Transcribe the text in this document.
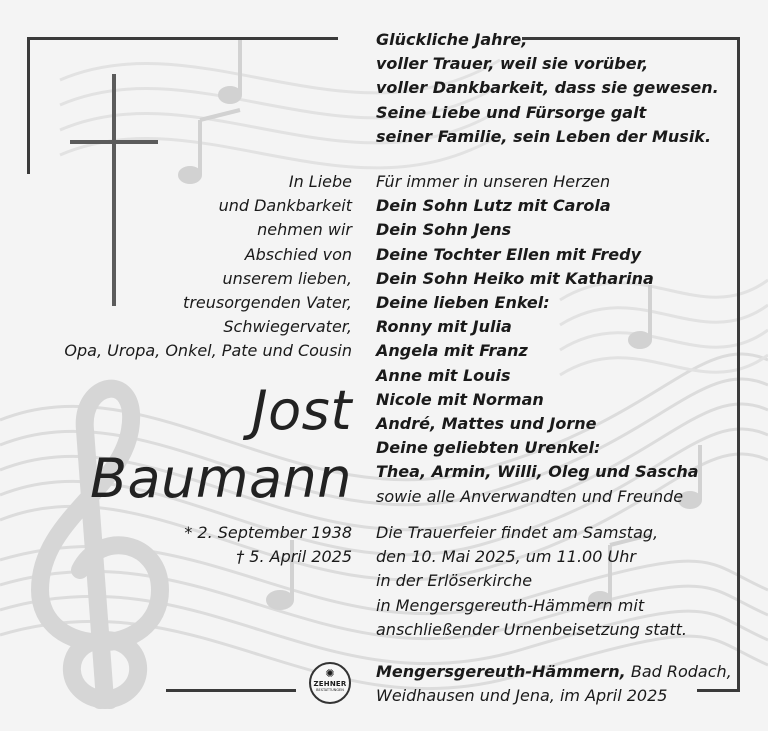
Glückliche Jahre,
voller Trauer, weil sie vorüber,
voller Dankbarkeit, dass sie gewesen.
Seine Liebe und Fürsorge galt
seiner Familie, sein Leben der Musik.
In Liebe
und Dankbarkeit
nehmen wir
Abschied von
unserem lieben,
treusorgenden Vater,
Schwiegervater,
Opa, Uropa, Onkel, Pate und Cousin
Jost
Baumann
* 2. September 1938
† 5. April 2025
Für immer in unseren Herzen
Dein Sohn Lutz mit Carola
Dein Sohn Jens
Deine Tochter Ellen mit Fredy
Dein Sohn Heiko mit Katharina
Deine lieben Enkel:
Ronny mit Julia
Angela mit Franz
Anne mit Louis
Nicole mit Norman
André, Mattes und Jorne
Deine geliebten Urenkel:
Thea, Armin, Willi, Oleg und Sascha
sowie alle Anverwandten und Freunde
Die Trauerfeier findet am Samstag,
den 10. Mai 2025, um 11.00 Uhr
in der Erlöserkirche
in Mengersgereuth-Hämmern mit
anschließender Urnenbeisetzung statt.
Mengersgereuth-Hämmern, Bad Rodach,
Weidhausen und Jena, im April 2025
✺
ZEHNER
BESTATTUNGEN
